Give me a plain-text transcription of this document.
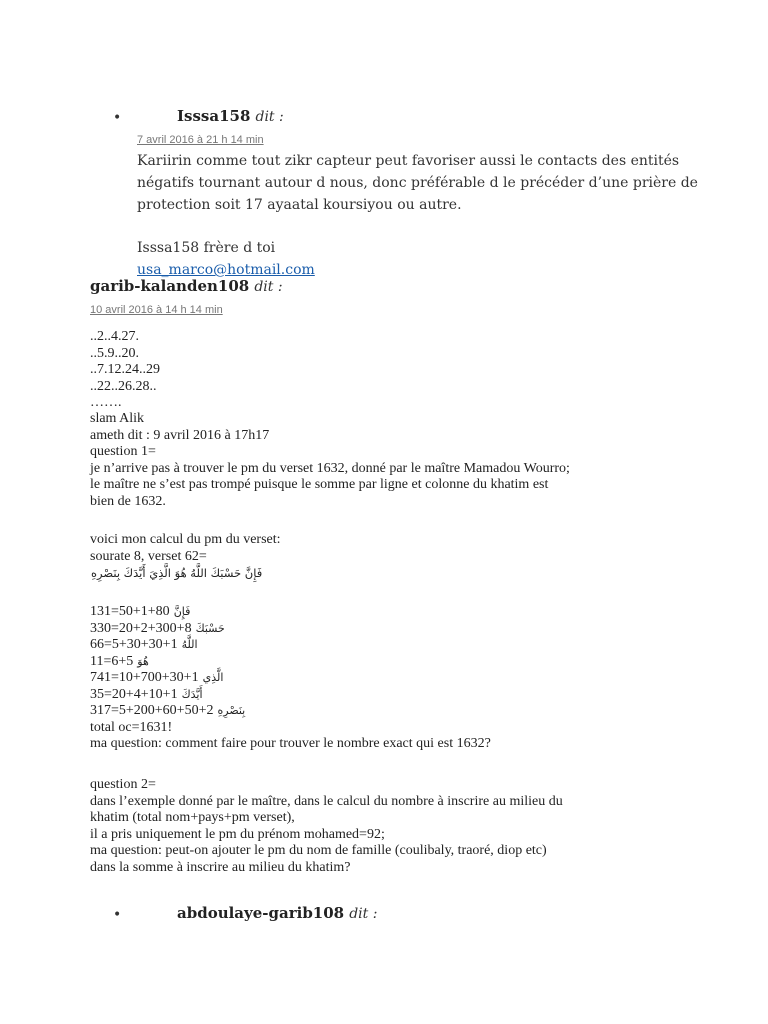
•	Isssa158 dit :
7 avril 2016 à 21 h 14 min
Kariirin comme tout zikr capteur peut favoriser aussi le contacts des entités
négatifs tournant autour d nous, donc préférable d le précéder d’une prière de
protection soit 17 ayaatal koursiyou ou autre.
Isssa158 frère d toi
usa_marco@hotmail.com
garib-kalanden108 dit :
10 avril 2016 à 14 h 14 min
..2..4.27.
..5.9..20.
..7.12.24..29
..22..26.28..
…….
slam Alik
ameth dit : 9 avril 2016 à 17h17
question 1=
je n’arrive pas à trouver le pm du verset 1632, donné par le maître Mamadou Wourro;
le maître ne s’est pas trompé puisque le somme par ligne et colonne du khatim est
bien de 1632.
voici mon calcul du pm du verset:
sourate 8, verset 62=
فَإِنَّ حَسْبَكَ اللَّهُ هُوَ الَّذِيَ أَيَّدَكَ بِنَصْرِهِ
131=50+1+80 فَإِنَّ
330=20+2+300+8 حَسْبَكَ
66=5+30+30+1 اللَّهُ
11=6+5 هُوَ
741=10+700+30+1 الَّذِي
35=20+4+10+1 أَيَّدَكَ
317=5+200+60+50+2 بِنَصْرِهِ
total oc=1631!
ma question: comment faire pour trouver le nombre exact qui est 1632?
question 2=
dans l’exemple donné par le maître, dans le calcul du nombre à inscrire au milieu du
khatim (total nom+pays+pm verset),
il a pris uniquement le pm du prénom mohamed=92;
ma question: peut-on ajouter le pm du nom de famille (coulibaly, traoré, diop etc)
dans la somme à inscrire au milieu du khatim?
•	abdoulaye-garib108 dit :
